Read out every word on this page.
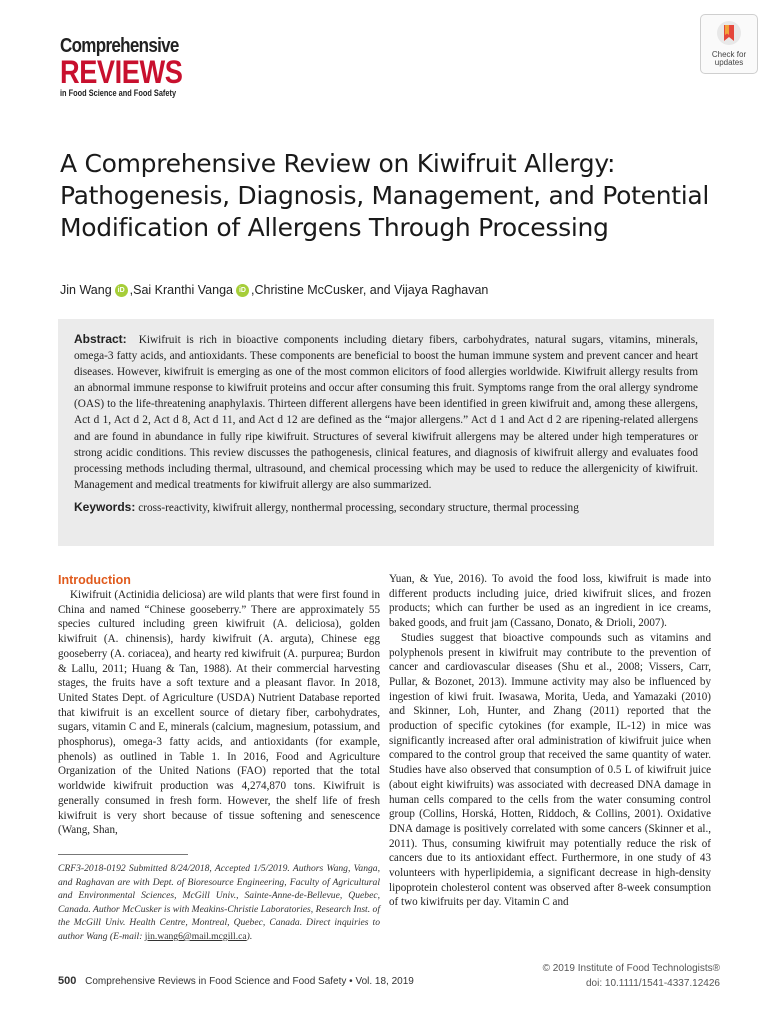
Comprehensive
REVIEWS
in Food Science and Food Safety
Check for
updates
A Comprehensive Review on Kiwifruit Allergy: Pathogenesis, Diagnosis, Management, and Potential Modification of Allergens Through Processing
Jin Wang iD , Sai Kranthi Vanga iD , Christine McCusker, and Vijaya Raghavan
Abstract: Kiwifruit is rich in bioactive components including dietary fibers, carbohydrates, natural sugars, vitamins, minerals, omega-3 fatty acids, and antioxidants. These components are beneficial to boost the human immune system and prevent cancer and heart diseases. However, kiwifruit is emerging as one of the most common elicitors of food allergies worldwide. Kiwifruit allergy results from an abnormal immune response to kiwifruit proteins and occur after consuming this fruit. Symptoms range from the oral allergy syndrome (OAS) to the life-threatening anaphylaxis. Thirteen different allergens have been identified in green kiwifruit and, among these allergens, Act d 1, Act d 2, Act d 8, Act d 11, and Act d 12 are defined as the “major allergens.” Act d 1 and Act d 2 are ripening-related allergens and are found in abundance in fully ripe kiwifruit. Structures of several kiwifruit allergens may be altered under high temperatures or strong acidic conditions. This review discusses the pathogenesis, clinical features, and diagnosis of kiwifruit allergy and evaluates food processing methods including thermal, ultrasound, and chemical processing which may be used to reduce the allergenicity of kiwifruit. Management and medical treatments for kiwifruit allergy are also summarized.
Keywords: cross-reactivity, kiwifruit allergy, nonthermal processing, secondary structure, thermal processing
Introduction

Kiwifruit (Actinidia deliciosa) are wild plants that were first found in China and named “Chinese gooseberry.” There are approximately 55 species cultured including green kiwifruit (A. deliciosa), golden kiwifruit (A. chinensis), hardy kiwifruit (A. arguta), Chinese egg gooseberry (A. coriacea), and hearty red kiwifruit (A. purpurea; Burdon & Lallu, 2011; Huang & Tan, 1988). At their commercial harvesting stages, the fruits have a soft texture and a pleasant flavor. In 2018, United States Dept. of Agriculture (USDA) Nutrient Database reported that kiwifruit is an excellent source of dietary fiber, carbohydrates, sugars, vitamin C and E, minerals (calcium, magnesium, potassium, and phosphorus), omega-3 fatty acids, and antioxidants (for example, phenols) as outlined in Table 1. In 2016, Food and Agriculture Organization of the United Nations (FAO) reported that the total worldwide kiwifruit production was 4,274,870 tons. Kiwifruit is generally consumed in fresh form. However, the shelf life of fresh kiwifruit is very short because of tissue softening and senescence (Wang, Shan,

Yuan, & Yue, 2016). To avoid the food loss, kiwifruit is made into different products including juice, dried kiwifruit slices, and frozen products; which can further be used as an ingredient in ice creams, baked goods, and fruit jam (Cassano, Donato, & Drioli, 2007).

Studies suggest that bioactive compounds such as vitamins and polyphenols present in kiwifruit may contribute to the prevention of cancer and cardiovascular diseases (Shu et al., 2008; Vissers, Carr, Pullar, & Bozonet, 2013). Immune activity may also be influenced by ingestion of kiwi fruit. Iwasawa, Morita, Ueda, and Yamazaki (2010) and Skinner, Loh, Hunter, and Zhang (2011) reported that the production of specific cytokines (for example, IL-12) in mice was significantly increased after oral administration of kiwifruit juice when compared to the control group that received the same quantity of water. Studies have also observed that consumption of 0.5 L of kiwifruit juice (about eight kiwifruits) was associated with decreased DNA damage in human cells compared to the cells from the water consuming control group (Collins, Horská, Hotten, Riddoch, & Collins, 2001). Oxidative DNA damage is positively correlated with some cancers (Skinner et al., 2011). Thus, consuming kiwifruit may potentially reduce the risk of cancers due to its antioxidant effect. Furthermore, in one study of 43 volunteers with hyperlipidemia, a significant decrease in high-density lipoprotein cholesterol content was observed after 8-week consumption of two kiwifruits per day. Vitamin C and

CRF3-2018-0192 Submitted 8/24/2018, Accepted 1/5/2019. Authors Wang, Vanga, and Raghavan are with Dept. of Bioresource Engineering, Faculty of Agricultural and Environmental Sciences, McGill Univ., Sainte-Anne-de-Bellevue, Quebec, Canada. Author McCusker is with Meakins-Christie Laboratories, Research Inst. of the McGill Univ. Health Centre, Montreal, Quebec, Canada. Direct inquiries to author Wang (E-mail: jin.wang6@mail.mcgill.ca).
500 Comprehensive Reviews in Food Science and Food Safety • Vol. 18, 2019
© 2019 Institute of Food Technologists®
doi: 10.1111/1541-4337.12426
